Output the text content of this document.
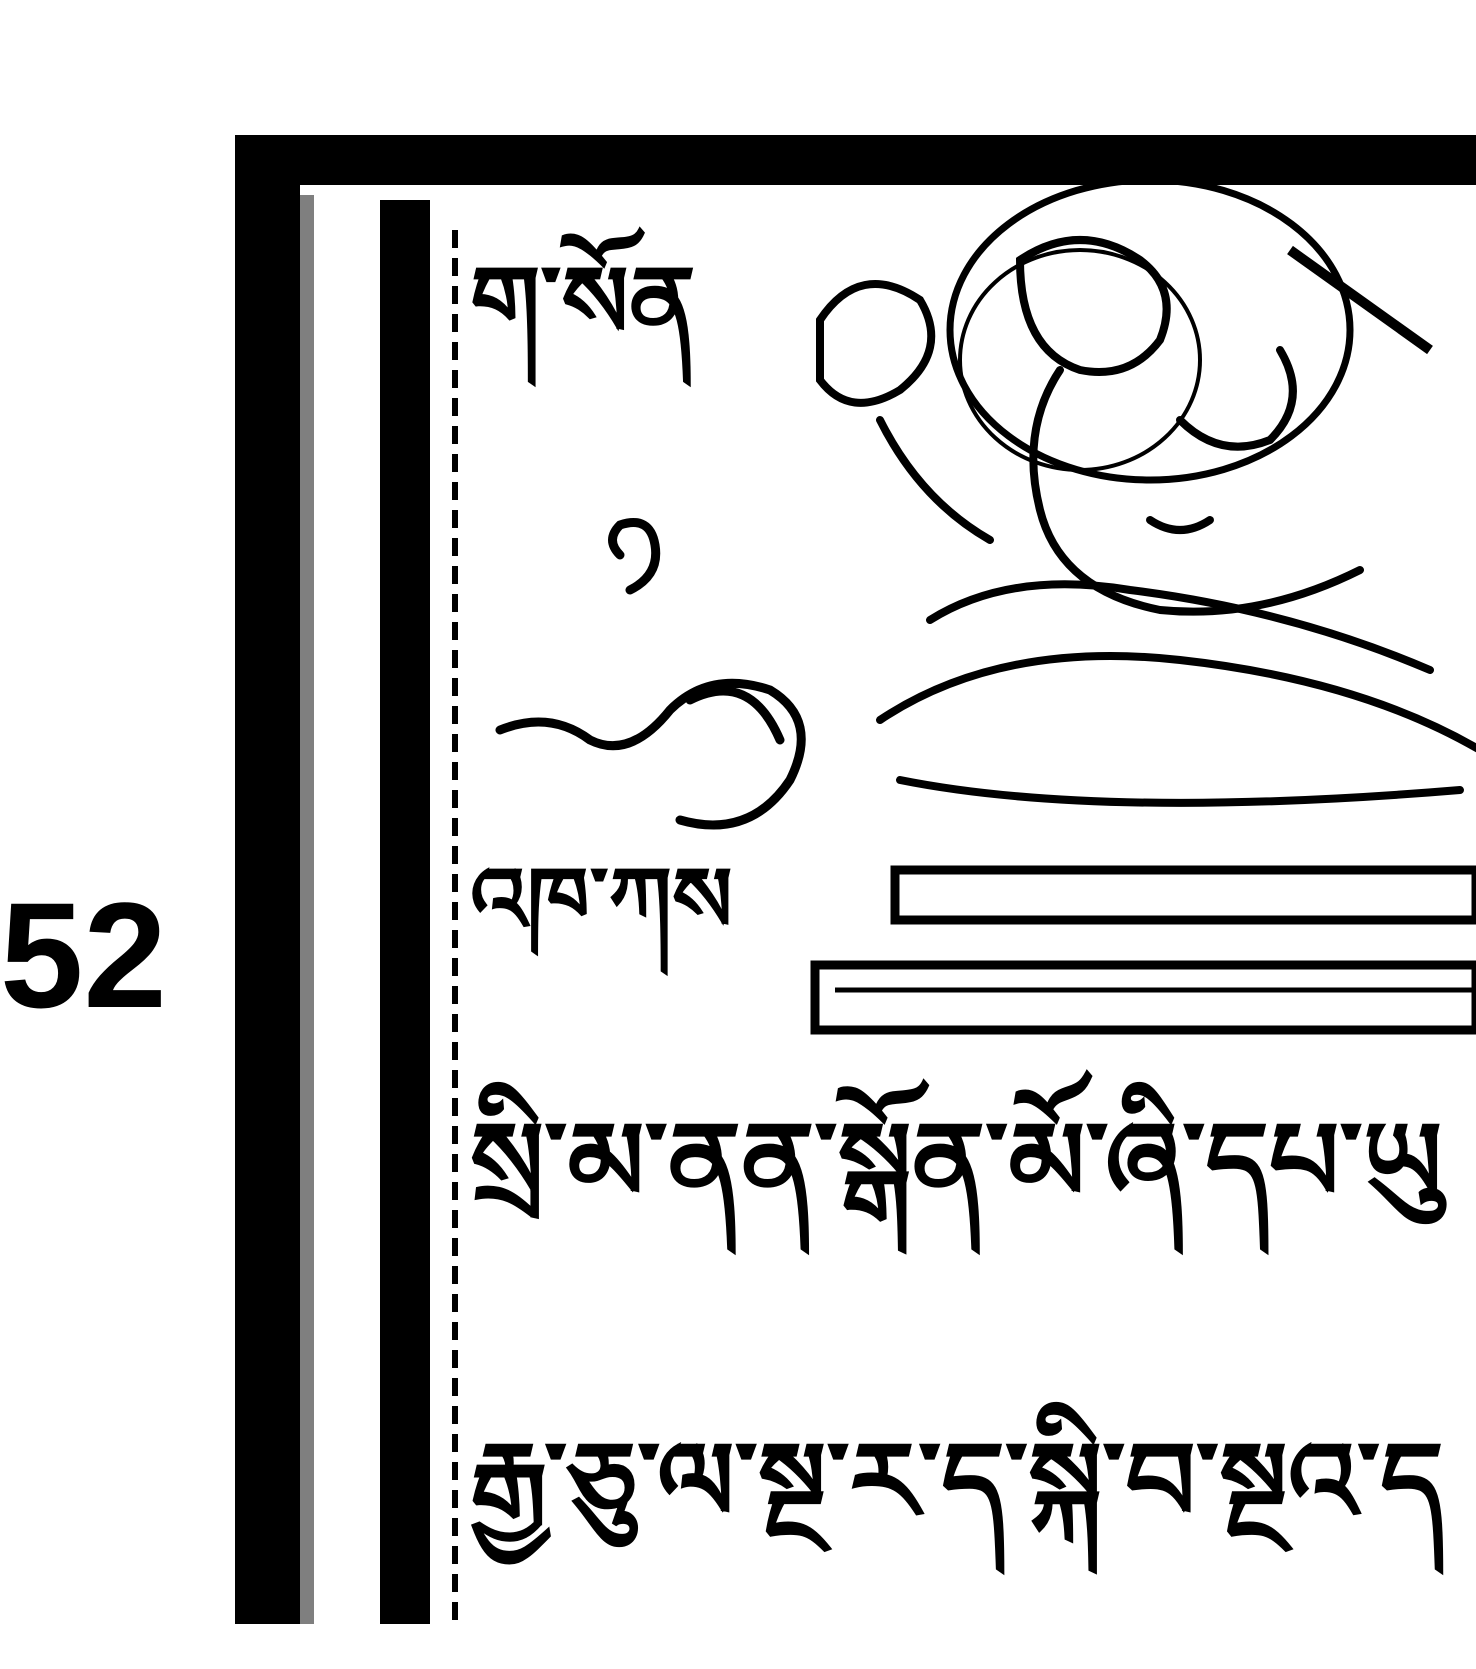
52
ག་སོན
འཁ་ཀས
སྲི་མ་ནན་སྒོན་མོ་ཞི་དཔ་ཡུ
རྒྱ་ཅུ་ལ་སྔ་ར་ད་སྐི་བ་སྔའ་ད
